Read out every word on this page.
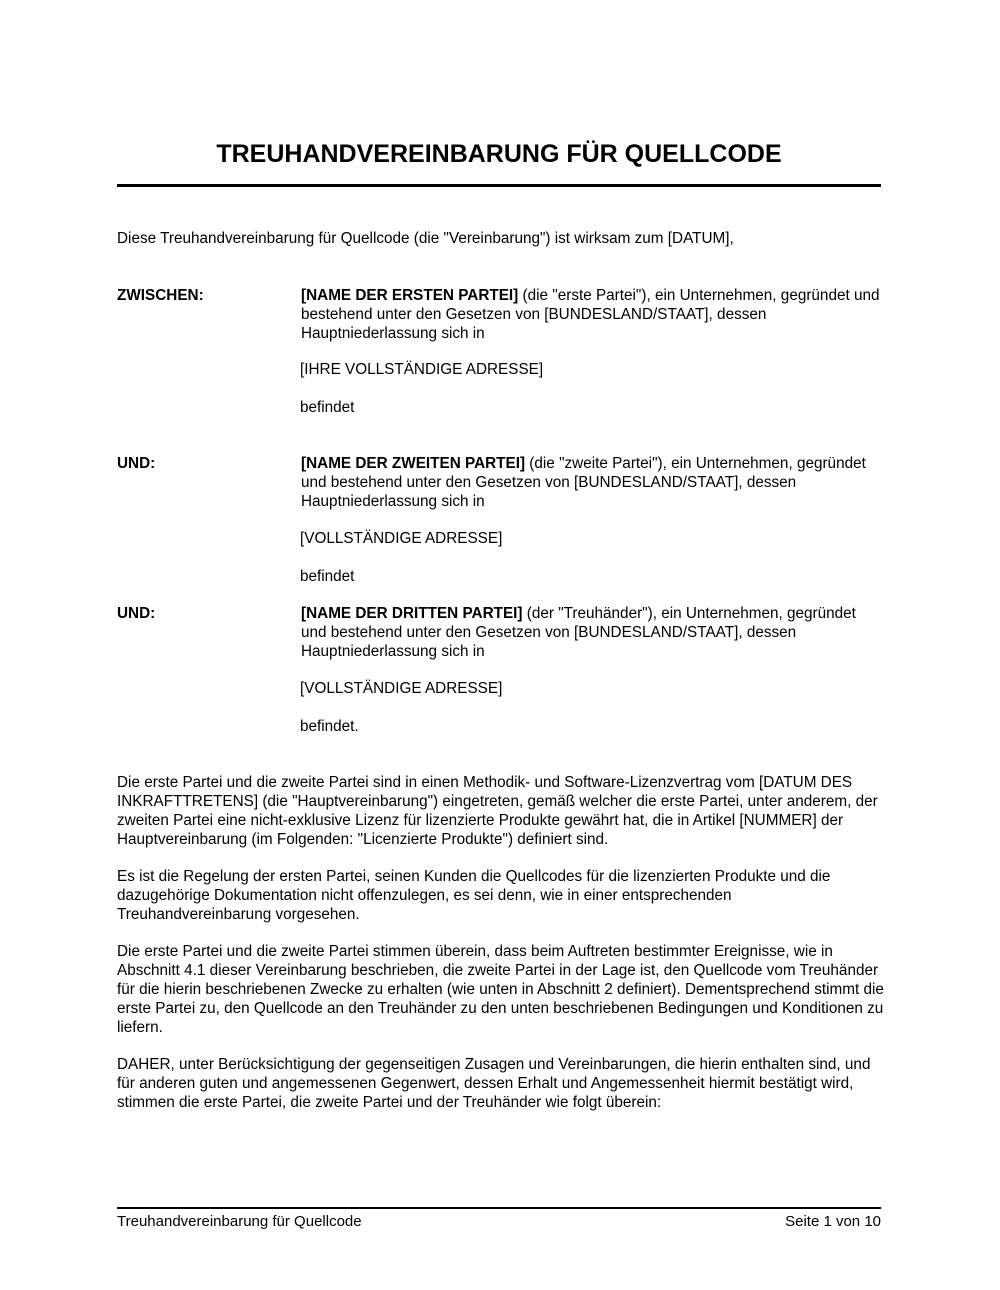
TREUHANDVEREINBARUNG FÜR QUELLCODE

Diese Treuhandvereinbarung für Quellcode (die "Vereinbarung") ist wirksam zum [DATUM],

ZWISCHEN:	[NAME DER ERSTEN PARTEI] (die "erste Partei"), ein Unternehmen, gegründet und bestehend unter den Gesetzen von [BUNDESLAND/STAAT], dessen Hauptniederlassung sich in

[IHRE VOLLSTÄNDIGE ADRESSE]
befindet
UND:	[NAME DER ZWEITEN PARTEI] (die "zweite Partei"), ein Unternehmen, gegründet und bestehend unter den Gesetzen von [BUNDESLAND/STAAT], dessen Hauptniederlassung sich in

[VOLLSTÄNDIGE ADRESSE]
befindet
UND:	[NAME DER DRITTEN PARTEI] (der "Treuhänder"), ein Unternehmen, gegründet und bestehend unter den Gesetzen von [BUNDESLAND/STAAT], dessen Hauptniederlassung sich in

[VOLLSTÄNDIGE ADRESSE]
befindet.

Die erste Partei und die zweite Partei sind in einen Methodik- und Software-Lizenzvertrag vom [DATUM DES INKRAFTTRETENS] (die "Hauptvereinbarung") eingetreten, gemäß welcher die erste Partei, unter anderem, der zweiten Partei eine nicht-exklusive Lizenz für lizenzierte Produkte gewährt hat, die in Artikel [NUMMER] der Hauptvereinbarung (im Folgenden: "Licenzierte Produkte") definiert sind.

Es ist die Regelung der ersten Partei, seinen Kunden die Quellcodes für die lizenzierten Produkte und die dazugehörige Dokumentation nicht offenzulegen, es sei denn, wie in einer entsprechenden Treuhandvereinbarung vorgesehen.

Die erste Partei und die zweite Partei stimmen überein, dass beim Auftreten bestimmter Ereignisse, wie in Abschnitt 4.1 dieser Vereinbarung beschrieben, die zweite Partei in der Lage ist, den Quellcode vom Treuhänder für die hierin beschriebenen Zwecke zu erhalten (wie unten in Abschnitt 2 definiert). Dementsprechend stimmt die erste Partei zu, den Quellcode an den Treuhänder zu den unten beschriebenen Bedingungen und Konditionen zu liefern.

DAHER, unter Berücksichtigung der gegenseitigen Zusagen und Vereinbarungen, die hierin enthalten sind, und für anderen guten und angemessenen Gegenwert, dessen Erhalt und Angemessenheit hiermit bestätigt wird, stimmen die erste Partei, die zweite Partei und der Treuhänder wie folgt überein:

Treuhandvereinbarung für Quellcode	Seite 1 von 10
